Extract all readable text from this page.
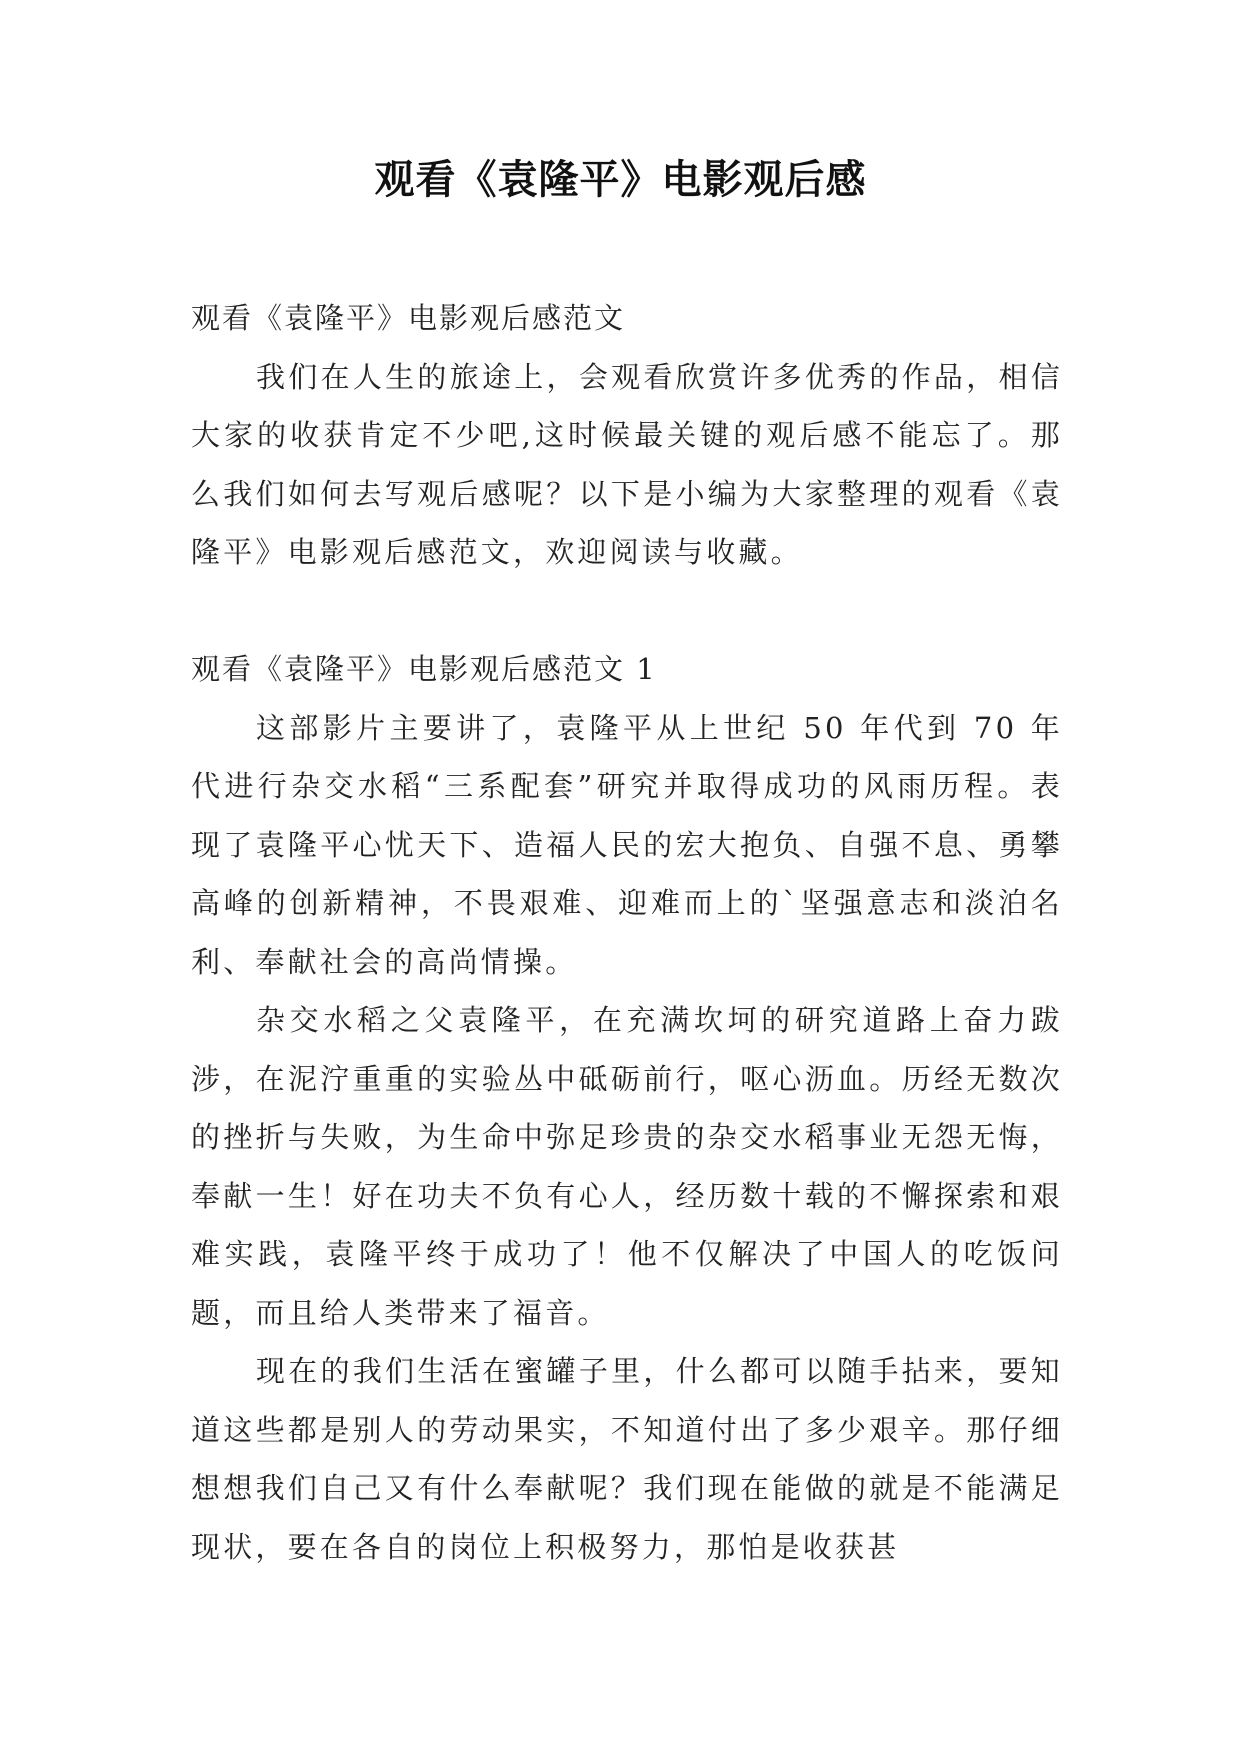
观看《袁隆平》电影观后感

观看《袁隆平》电影观后感范文

我们在人生的旅途上，会观看欣赏许多优秀的作品，相信大家的收获肯定不少吧,这时候最关键的观后感不能忘了。那么我们如何去写观后感呢？以下是小编为大家整理的观看《袁隆平》电影观后感范文，欢迎阅读与收藏。

观看《袁隆平》电影观后感范文 1

这部影片主要讲了，袁隆平从上世纪 50 年代到 70 年代进行杂交水稻“三系配套”研究并取得成功的风雨历程。表现了袁隆平心忧天下、造福人民的宏大抱负、自强不息、勇攀高峰的创新精神，不畏艰难、迎难而上的`坚强意志和淡泊名利、奉献社会的高尚情操。

杂交水稻之父袁隆平，在充满坎坷的研究道路上奋力跋涉，在泥泞重重的实验丛中砥砺前行，呕心沥血。历经无数次的挫折与失败，为生命中弥足珍贵的杂交水稻事业无怨无悔，奉献一生！好在功夫不负有心人，经历数十载的不懈探索和艰难实践，袁隆平终于成功了！他不仅解决了中国人的吃饭问题，而且给人类带来了福音。

现在的我们生活在蜜罐子里，什么都可以随手拈来，要知道这些都是别人的劳动果实，不知道付出了多少艰辛。那仔细想想我们自己又有什么奉献呢？我们现在能做的就是不能满足现状，要在各自的岗位上积极努力，那怕是收获甚
